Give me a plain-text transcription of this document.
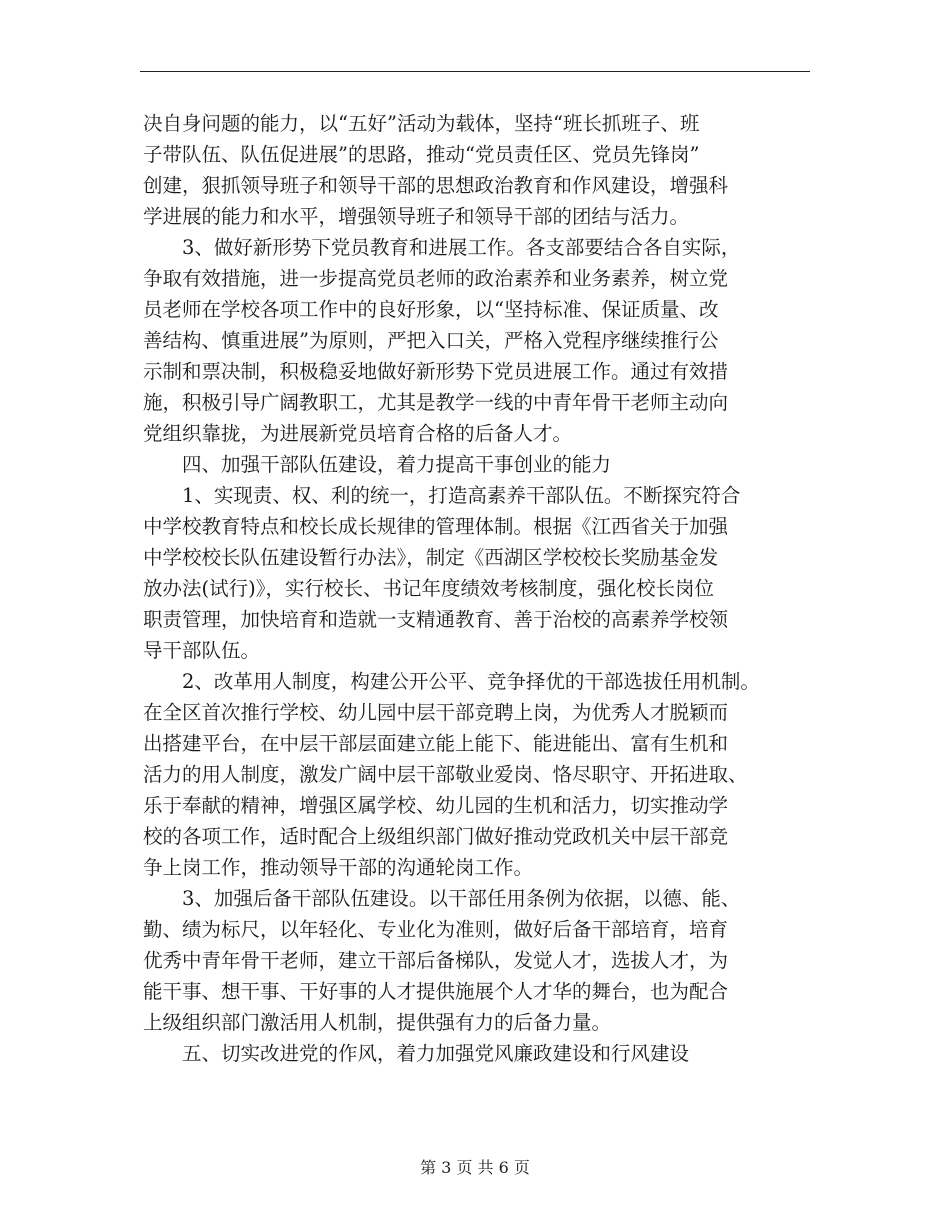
决自身问题的能力，以“五好”活动为载体，坚持“班长抓班子、班
子带队伍、队伍促进展”的思路，推动“党员责任区、党员先锋岗”
创建，狠抓领导班子和领导干部的思想政治教育和作风建设，增强科
学进展的能力和水平，增强领导班子和领导干部的团结与活力。
3、做好新形势下党员教育和进展工作。各支部要结合各自实际，
争取有效措施，进一步提高党员老师的政治素养和业务素养，树立党
员老师在学校各项工作中的良好形象，以“坚持标准、保证质量、改
善结构、慎重进展”为原则，严把入口关，严格入党程序继续推行公
示制和票决制，积极稳妥地做好新形势下党员进展工作。通过有效措
施，积极引导广阔教职工，尤其是教学一线的中青年骨干老师主动向
党组织靠拢，为进展新党员培育合格的后备人才。
四、加强干部队伍建设，着力提高干事创业的能力
1、实现责、权、利的统一，打造高素养干部队伍。不断探究符合
中学校教育特点和校长成长规律的管理体制。根据《江西省关于加强
中学校校长队伍建设暂行办法》，制定《西湖区学校校长奖励基金发
放办法(试行)》，实行校长、书记年度绩效考核制度，强化校长岗位
职责管理，加快培育和造就一支精通教育、善于治校的高素养学校领
导干部队伍。
2、改革用人制度，构建公开公平、竞争择优的干部选拔任用机制。
在全区首次推行学校、幼儿园中层干部竞聘上岗，为优秀人才脱颖而
出搭建平台，在中层干部层面建立能上能下、能进能出、富有生机和
活力的用人制度，激发广阔中层干部敬业爱岗、恪尽职守、开拓进取、
乐于奉献的精神，增强区属学校、幼儿园的生机和活力，切实推动学
校的各项工作，适时配合上级组织部门做好推动党政机关中层干部竞
争上岗工作，推动领导干部的沟通轮岗工作。
3、加强后备干部队伍建设。以干部任用条例为依据，以德、能、
勤、绩为标尺，以年轻化、专业化为准则，做好后备干部培育，培育
优秀中青年骨干老师，建立干部后备梯队，发觉人才，选拔人才，为
能干事、想干事、干好事的人才提供施展个人才华的舞台，也为配合
上级组织部门激活用人机制，提供强有力的后备力量。
五、切实改进党的作风，着力加强党风廉政建设和行风建设
第 3 页 共 6 页
